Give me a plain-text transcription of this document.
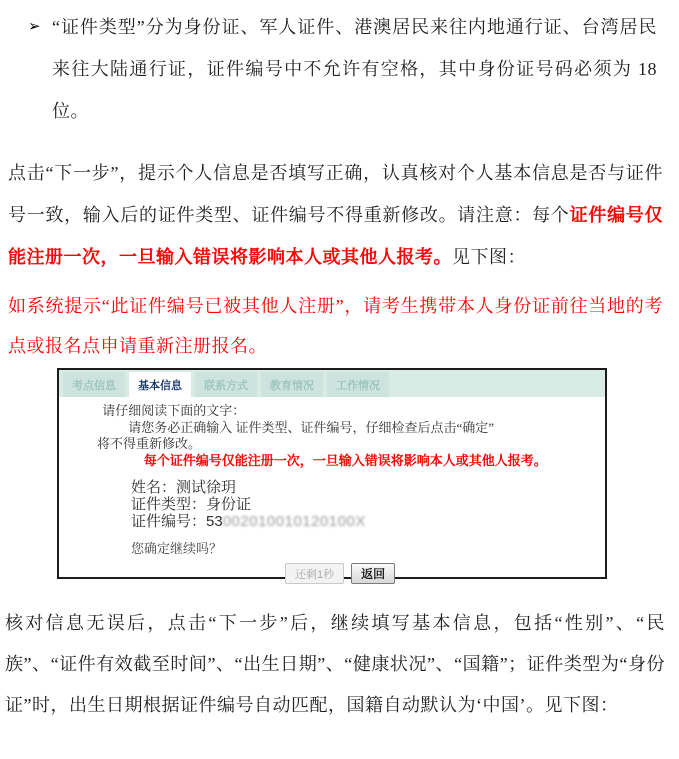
➢ “证件类型”分为身份证、军人证件、港澳居民来往内地通行证、台湾居民来往大陆通行证，证件编号中不允许有空格，其中身份证号码必须为 18 位。

点击“下一步”，提示个人信息是否填写正确，认真核对个人基本信息是否与证件号一致，输入后的证件类型、证件编号不得重新修改。请注意：每个证件编号仅能注册一次，一旦输入错误将影响本人或其他人报考。见下图：

如系统提示“此证件编号已被其他人注册”，请考生携带本人身份证前往当地的考点或报名点申请重新注册报名。

考点信息	基本信息	联系方式	教育情况	工作情况
请仔细阅读下面的文字：
请您务必正确输入 证件类型、证件编号，仔细检查后点击“确定”
将不得重新修改。
每个证件编号仅能注册一次，一旦输入错误将影响本人或其他人报考。
姓名：测试徐玥
证件类型：身份证
证件编号：53002010010120100X
您确定继续吗？
还剩1秒	返回

核对信息无误后，点击“下一步”后，继续填写基本信息，包括“性别”、“民族”、“证件有效截至时间”、“出生日期”、“健康状况”、“国籍”；证件类型为“身份证”时，出生日期根据证件编号自动匹配，国籍自动默认为‘中国’。见下图：
